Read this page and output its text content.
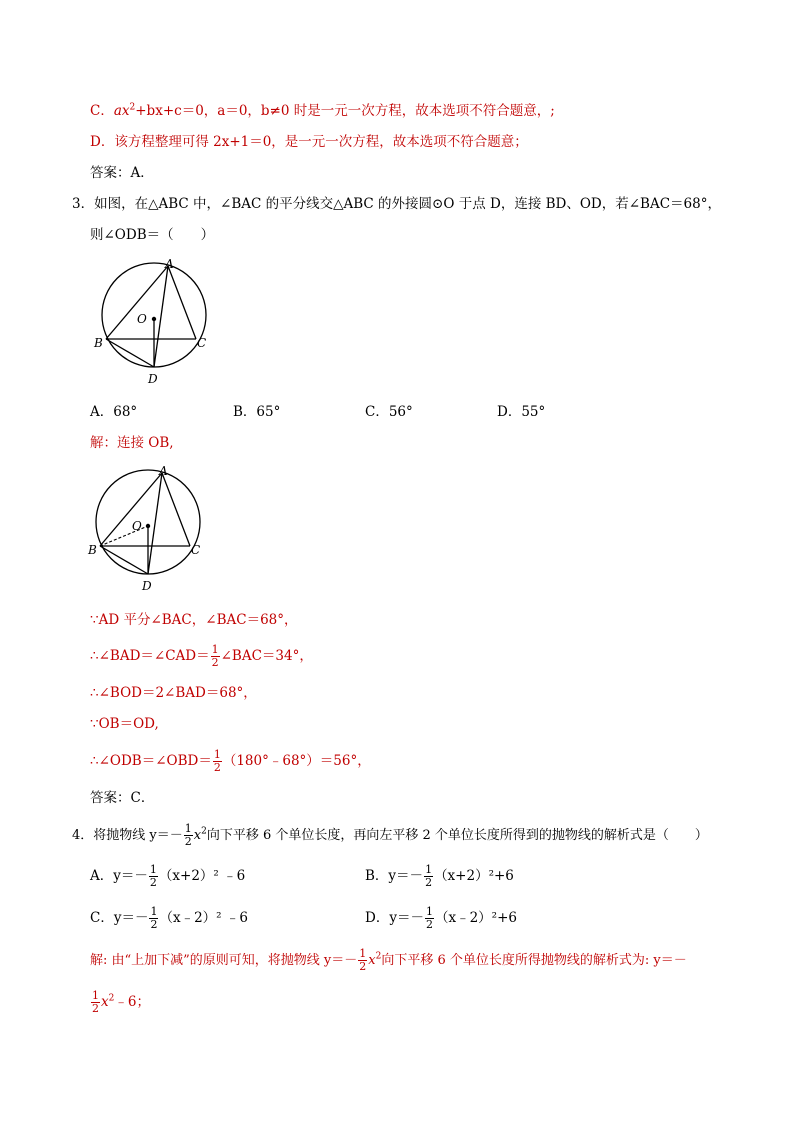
C．$ax^2+bx+c=0$，a＝0，b≠0 时是一元一次方程，故本选项不符合题意，;
D．该方程整理可得 2x+1＝0，是一元一次方程，故本选项不符合题意；
答案：A．
3．如图，在△ABC 中，∠BAC 的平分线交△ABC 的外接圆⊙O 于点 D，连接 BD、OD，若∠BAC＝68°，
则∠ODB＝（　　）
A
B	C
D
O
A．68°	B．65°	C．56°	D．55°
解：连接 OB,
A
B	C
D
O
∵AD 平分∠BAC，∠BAC＝68°，
∴∠BAD＝∠CAD＝ $\frac{1}{2}$ ∠BAC＝34°，
∴∠BOD＝2∠BAD＝68°，
∵OB＝OD,
∴∠ODB＝∠OBD＝ $\frac{1}{2}$ （180°﹣68°）＝56°，
答案：C．
4．将抛物线 $y=- \frac{1}{2} x^2$向下平移 6 个单位长度，再向左平移 2 个单位长度所得到的抛物线的解析式是（　　）
A．$y=- \frac{1}{2} (x+2)^2$ ﹣6	B．$y=- \frac{1}{2} (x+2)^2+6$
C．$y=- \frac{1}{2}$ （x﹣2）² ﹣6	D．$y=- \frac{1}{2}$ （x﹣2）²+6
解: 由“上加下减”的原则可知，将抛物线 $y=- \frac{1}{2} x^2$向下平移 6 个单位长度所得抛物线的解析式为: y＝－
$\frac{1}{2}$ $x^2﹣6$；
